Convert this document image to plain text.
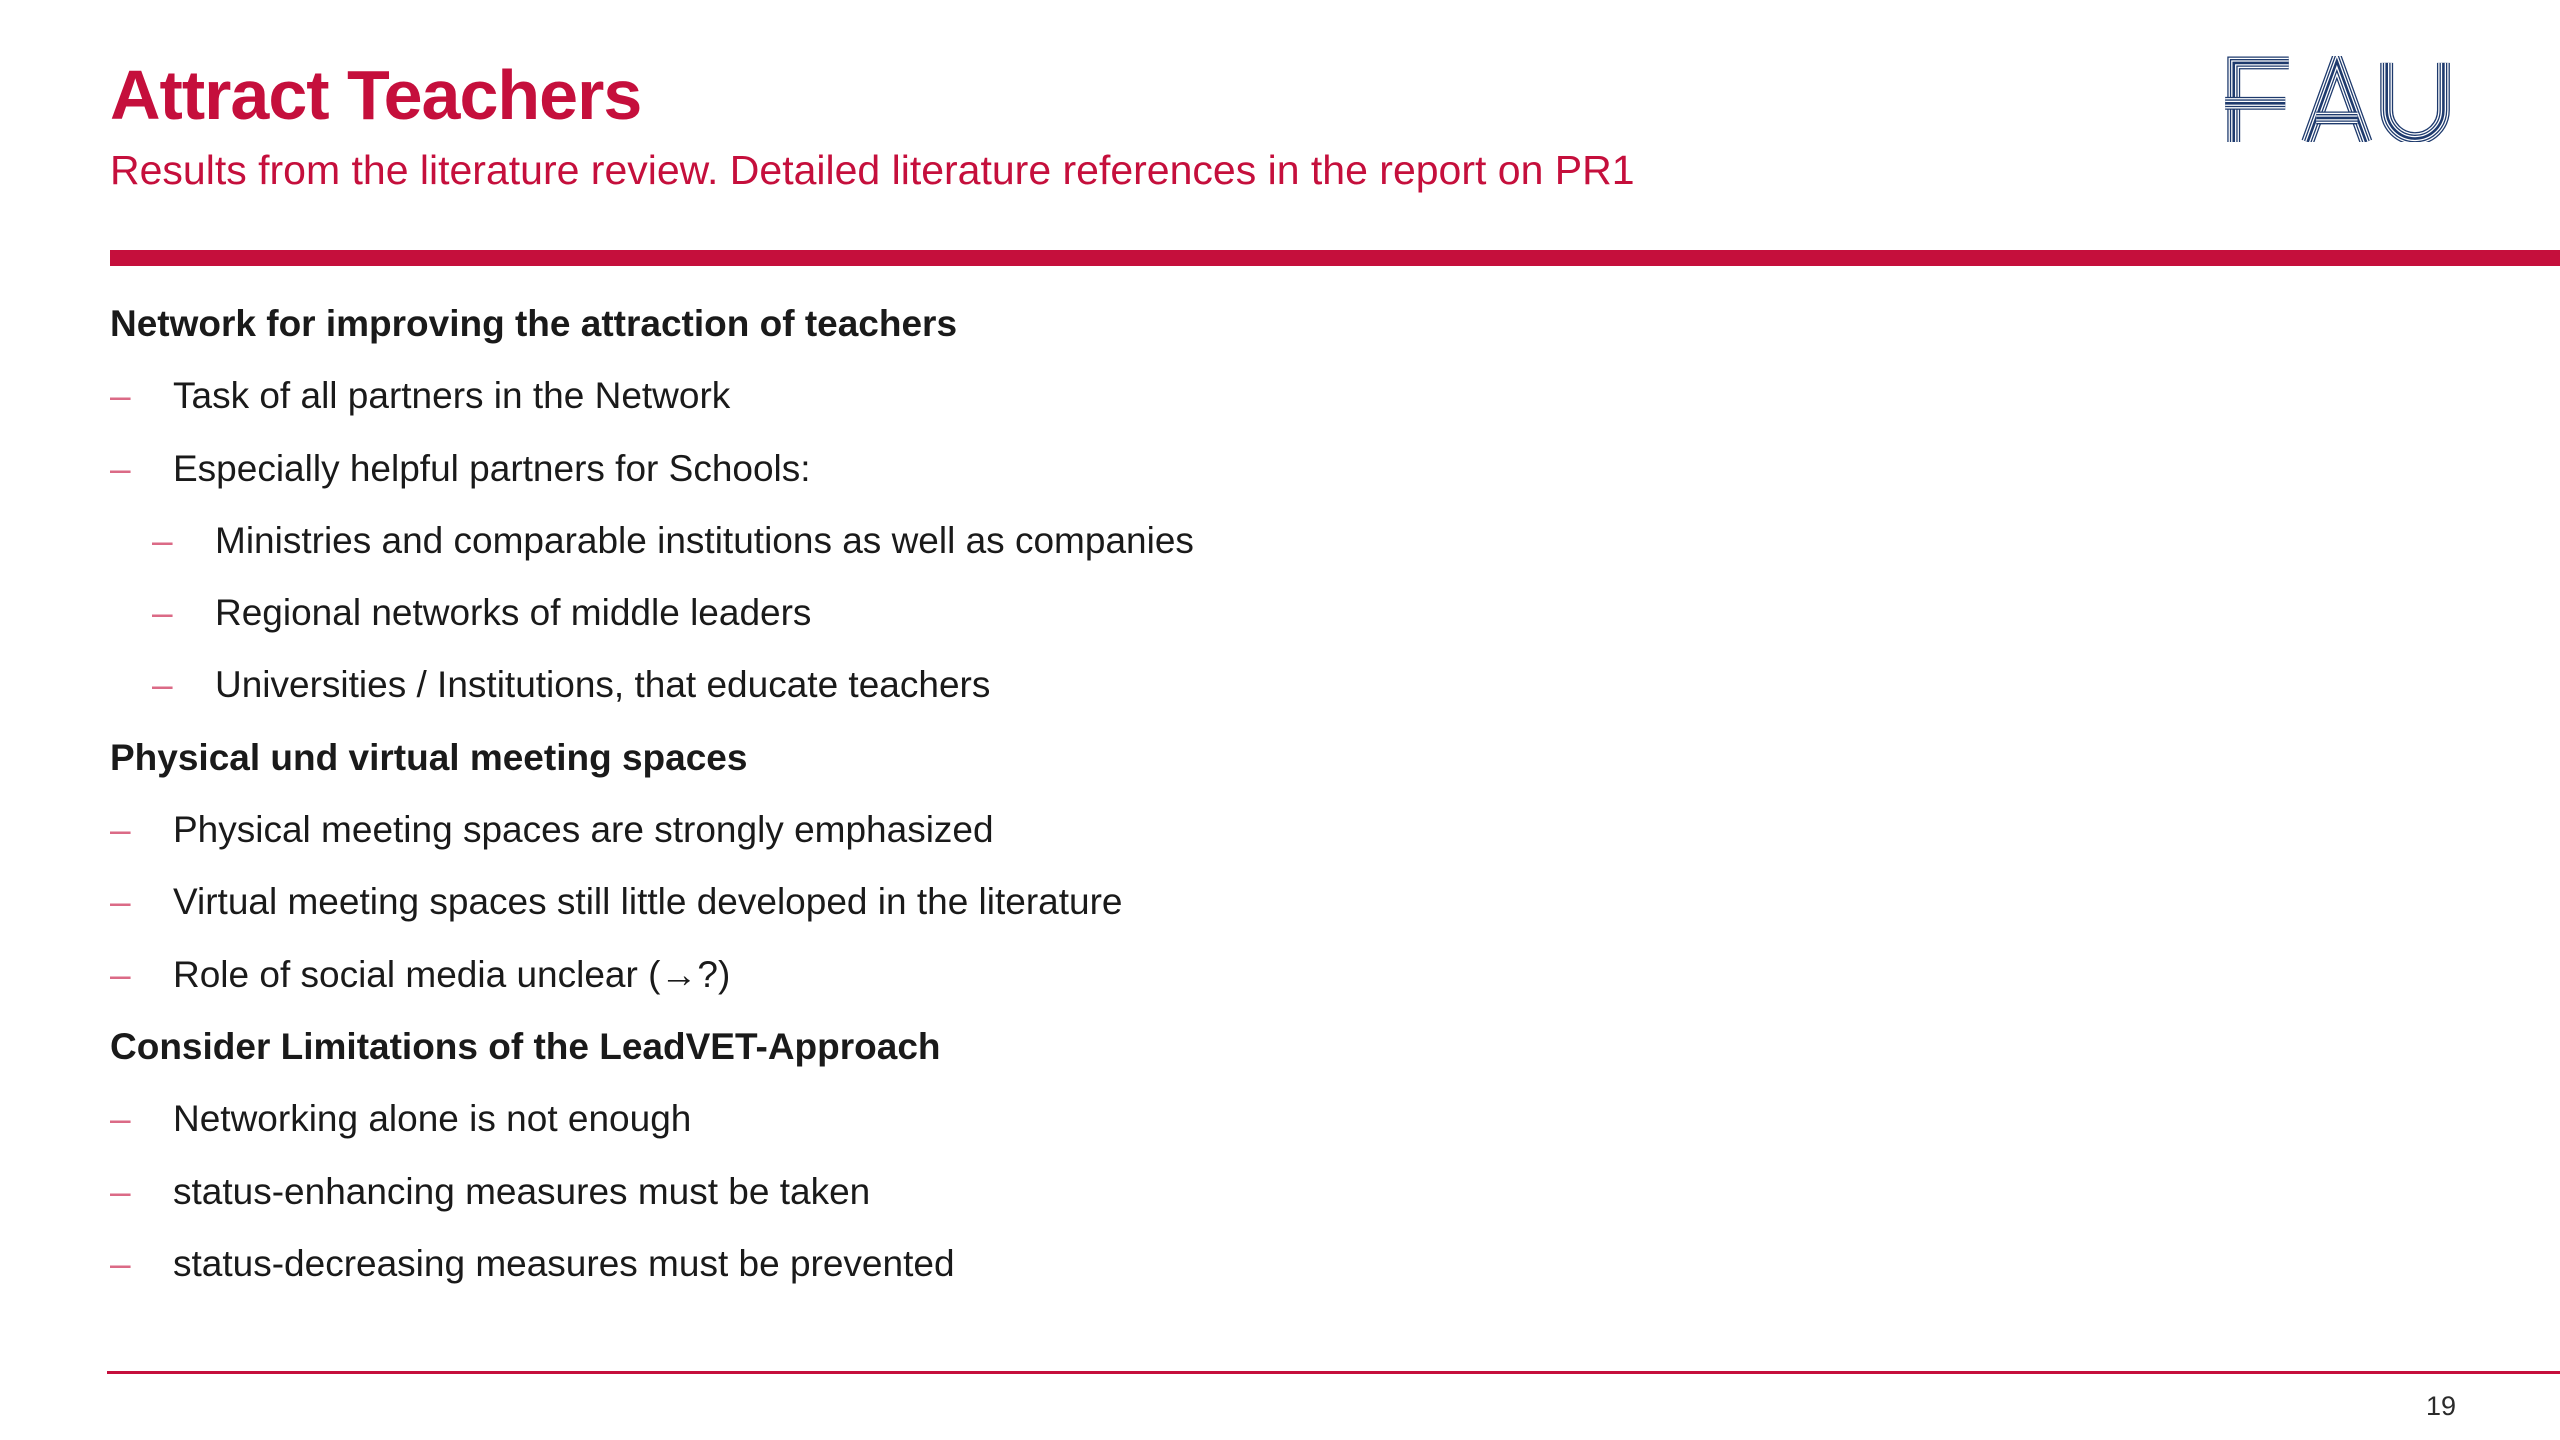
Attract Teachers
Results from the literature review. Detailed literature references in the report on PR1
Network for improving the attraction of teachers
–	Task of all partners in the Network
–	Especially helpful partners for Schools:
–	Ministries and comparable institutions as well as companies
–	Regional networks of middle leaders
–	Universities / Institutions, that educate teachers
Physical und virtual meeting spaces
–	Physical meeting spaces are strongly emphasized
–	Virtual meeting spaces still little developed in the literature
–	Role of social media unclear (→?)
Consider Limitations of the LeadVET-Approach
–	Networking alone is not enough
–	status-enhancing measures must be taken
–	status-decreasing measures must be prevented
19
